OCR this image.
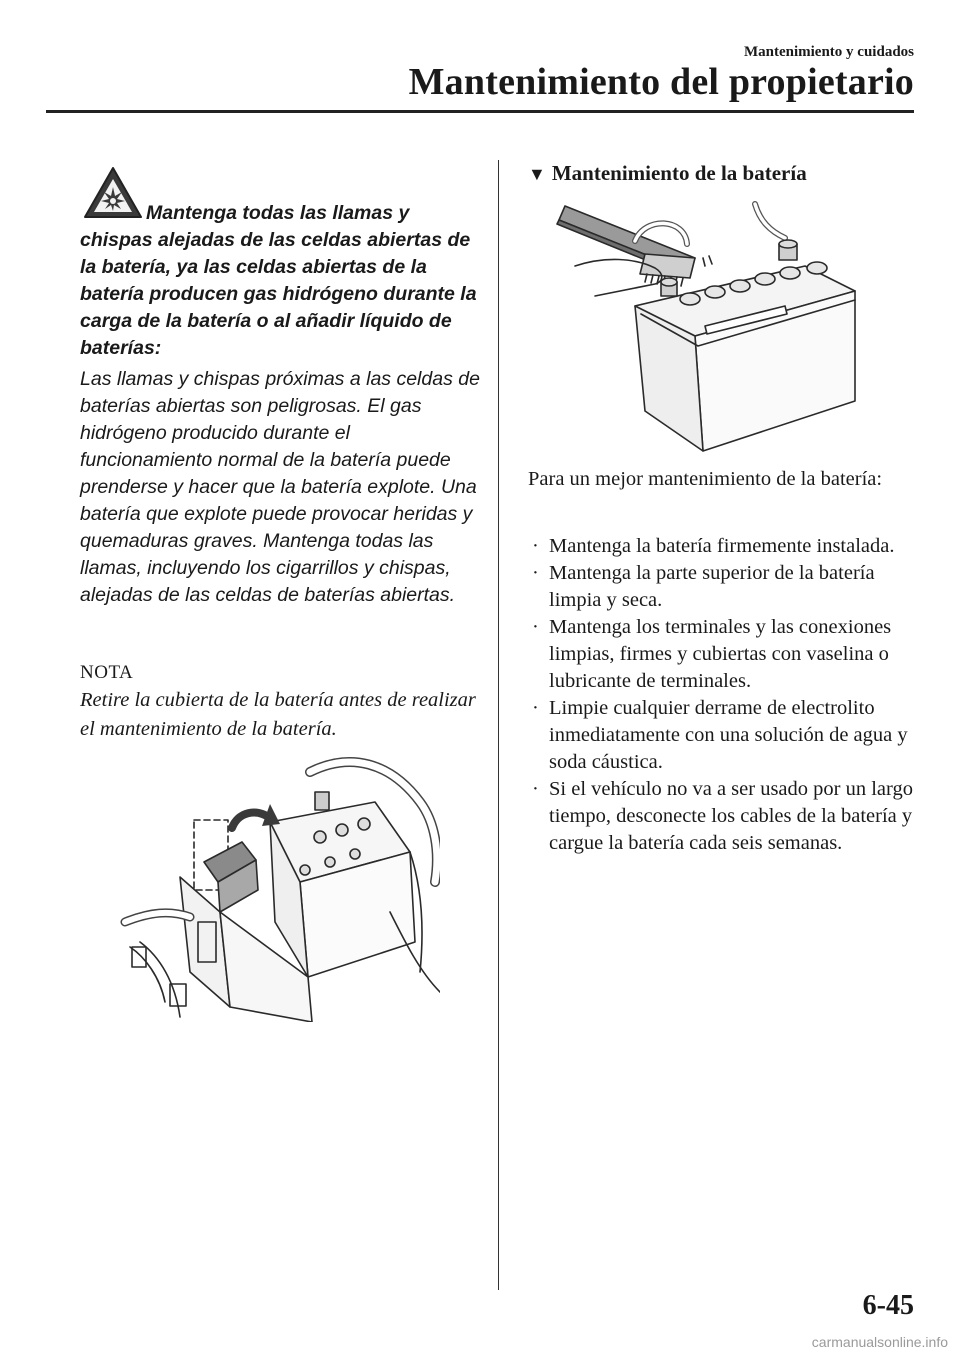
Mantenimiento y cuidados
Mantenimiento del propietario

Mantenga todas las llamas y chispas alejadas de las celdas abiertas de la batería, ya las celdas abiertas de la batería producen gas hidrógeno durante la carga de la batería o al añadir líquido de baterías:

Las llamas y chispas próximas a las celdas de baterías abiertas son peligrosas. El gas hidrógeno producido durante el funcionamiento normal de la batería puede prenderse y hacer que la batería explote. Una batería que explote puede provocar heridas y quemaduras graves. Mantenga todas las llamas, incluyendo los cigarrillos y chispas, alejadas de las celdas de baterías abiertas.

NOTA

Retire la cubierta de la batería antes de realizar el mantenimiento de la batería.

▼ Mantenimiento de la batería

Para un mejor mantenimiento de la batería:

· Mantenga la batería firmemente instalada.
· Mantenga la parte superior de la batería limpia y seca.
· Mantenga los terminales y las conexiones limpias, firmes y cubiertas con vaselina o lubricante de terminales.
· Limpie cualquier derrame de electrolito inmediatamente con una solución de agua y soda cáustica.
· Si el vehículo no va a ser usado por un largo tiempo, desconecte los cables de la batería y cargue la batería cada seis semanas.
6-45
carmanualsonline.info
